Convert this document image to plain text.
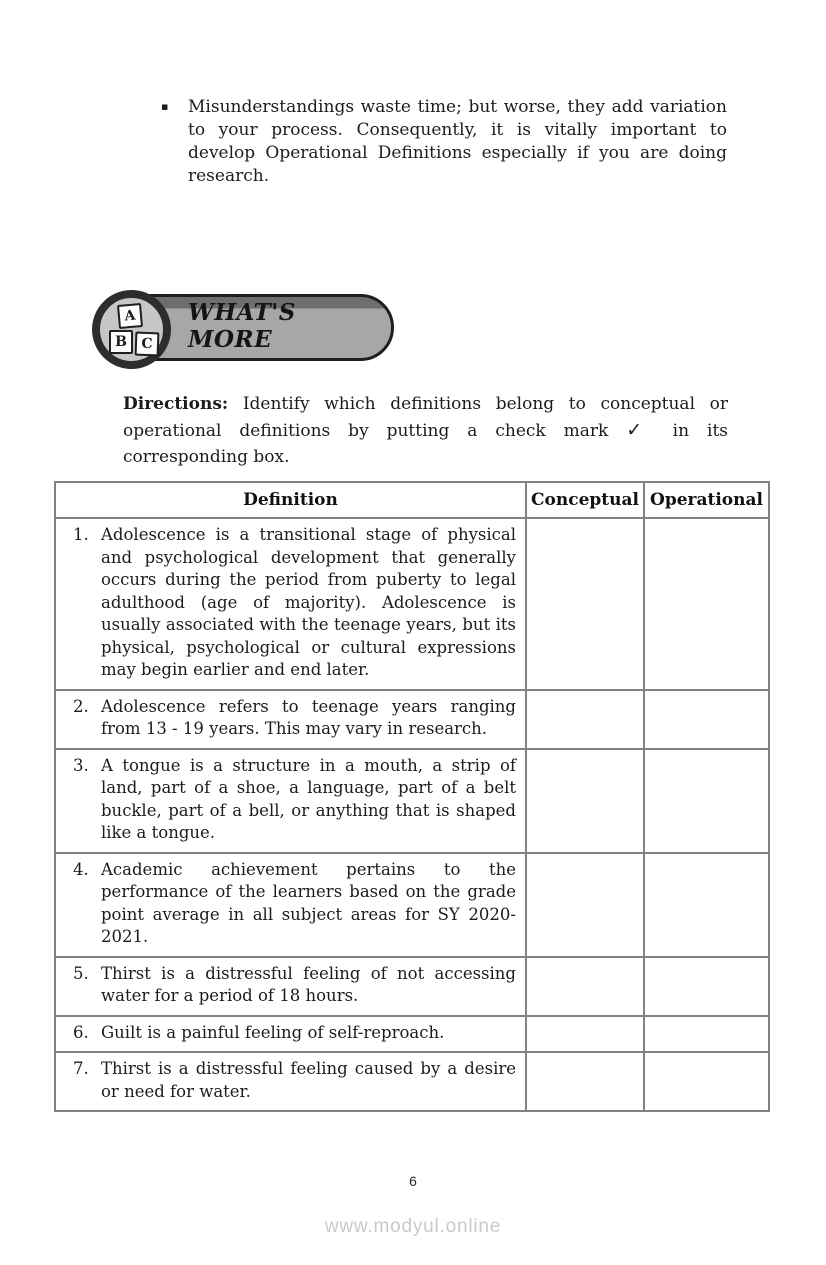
▪	Misunderstandings waste time; but worse, they add variation to your process. Consequently, it is vitally important to develop Operational Definitions especially if you are doing research.
WHAT'S MORE
A
B	C
Directions: Identify which definitions belong to conceptual or operational definitions by putting a check mark ✓ in its corresponding box.
Definition	Conceptual	Operational

1. Adolescence is a transitional stage of physical and psychological development that generally occurs during the period from puberty to legal adulthood (age of majority). Adolescence is usually associated with the teenage years, but its physical, psychological or cultural expressions may begin earlier and end later.		

2. Adolescence refers to teenage years ranging from 13 - 19 years. This may vary in research.		

3. A tongue is a structure in a mouth, a strip of land, part of a shoe, a language, part of a belt buckle, part of a bell, or anything that is shaped like a tongue.		

4. Academic achievement pertains to the performance of the learners based on the grade point average in all subject areas for SY 2020-2021.		

5. Thirst is a distressful feeling of not accessing water for a period of 18 hours.		

6. Guilt is a painful feeling of self-reproach.		

7. Thirst is a distressful feeling caused by a desire or need for water.		

6
www.modyul.online
